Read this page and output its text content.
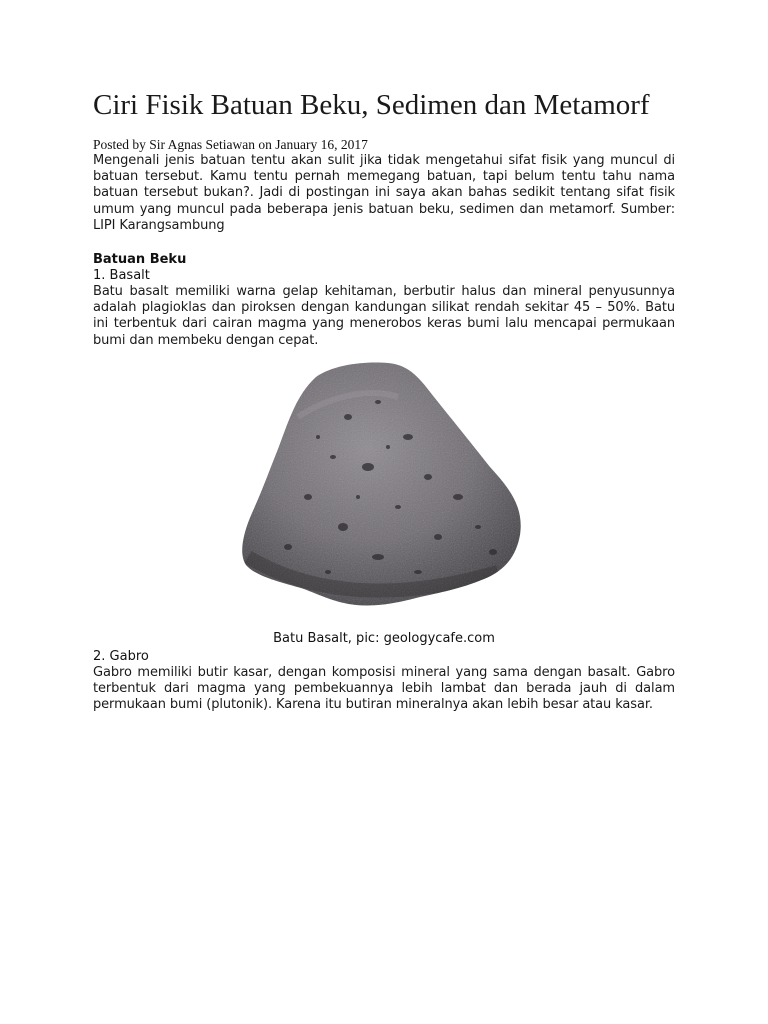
Ciri Fisik Batuan Beku, Sedimen dan Metamorf

Posted by Sir Agnas Setiawan on January 16, 2017

Mengenali jenis batuan tentu akan sulit jika tidak mengetahui sifat fisik yang muncul di batuan tersebut. Kamu tentu pernah memegang batuan, tapi belum tentu tahu nama batuan tersebut bukan?. Jadi di postingan ini saya akan bahas sedikit tentang sifat fisik umum yang muncul pada beberapa jenis batuan beku, sedimen dan metamorf. Sumber: LIPI Karangsambung

Batuan Beku
1. Basalt

Batu basalt memiliki warna gelap kehitaman, berbutir halus dan mineral penyusunnya adalah plagioklas dan piroksen dengan kandungan silikat rendah sekitar 45 – 50%. Batu ini terbentuk dari cairan magma yang menerobos keras bumi lalu mencapai permukaan bumi dan membeku dengan cepat.

Batu Basalt, pic: geologycafe.com
2. Gabro

Gabro memiliki butir kasar, dengan komposisi mineral yang sama dengan basalt. Gabro terbentuk dari magma yang pembekuannya lebih lambat dan berada jauh di dalam permukaan bumi (plutonik). Karena itu butiran mineralnya akan lebih besar atau kasar.
